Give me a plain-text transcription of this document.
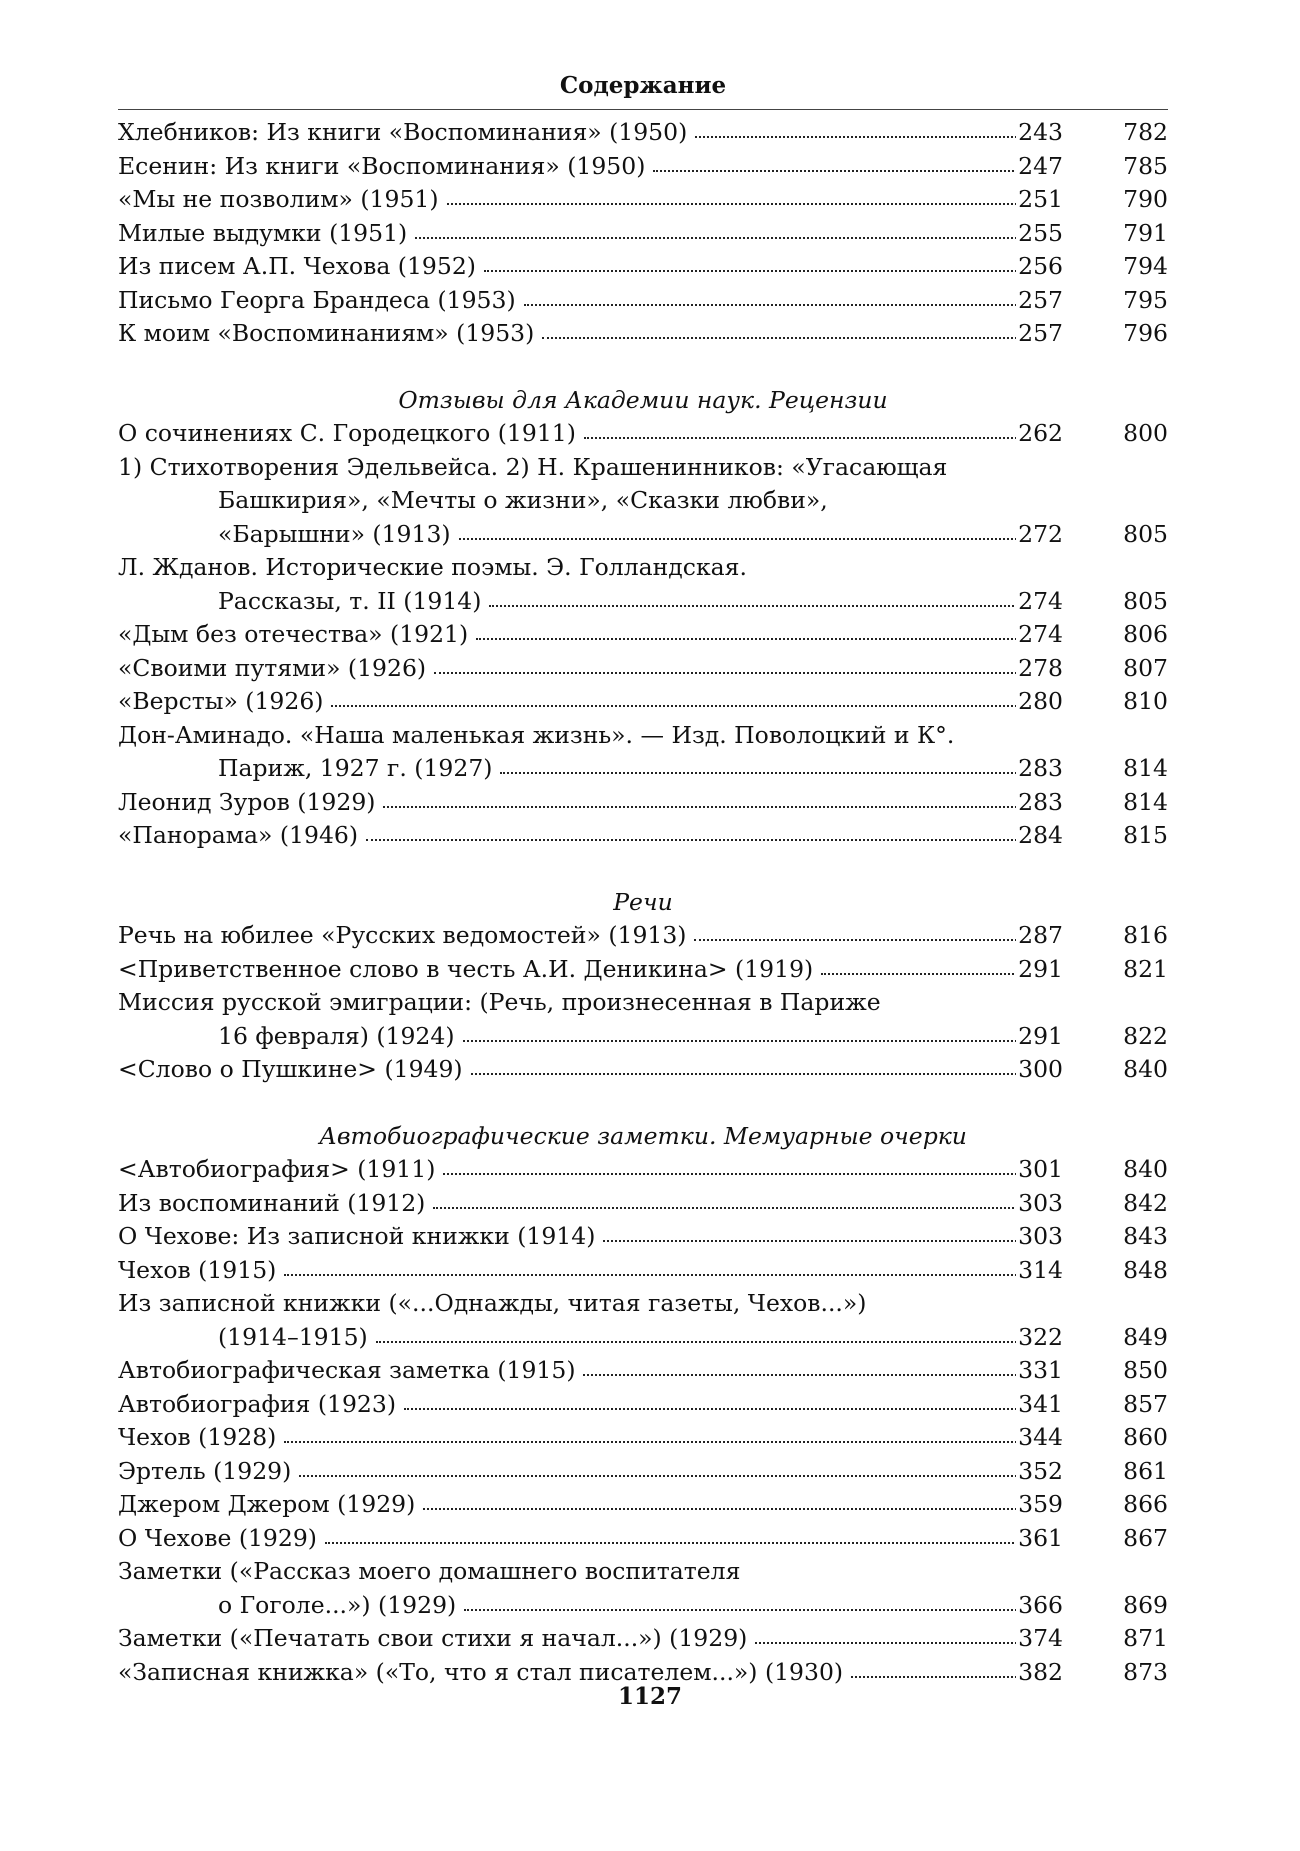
Содержание
Хлебников: Из книги «Воспоминания» (1950)	243	782
Есенин: Из книги «Воспоминания» (1950)	247	785
«Мы не позволим» (1951)	251	790
Милые выдумки (1951)	255	791
Из писем А.П. Чехова (1952)	256	794
Письмо Георга Брандеса (1953)	257	795
К моим «Воспоминаниям» (1953)	257	796
Отзывы для Академии наук. Рецензии
О сочинениях С. Городецкого (1911)	262	800
1) Стихотворения Эдельвейса. 2) Н. Крашенинников: «Угасающая
Башкирия», «Мечты о жизни», «Сказки любви»,
«Барышни» (1913)	272	805
Л. Жданов. Исторические поэмы. Э. Голландская.
Рассказы, т. II (1914)	274	805
«Дым без отечества» (1921)	274	806
«Своими путями» (1926)	278	807
«Версты» (1926)	280	810
Дон-Аминадо. «Наша маленькая жизнь». — Изд. Поволоцкий и К°.
Париж, 1927 г. (1927)	283	814
Леонид Зуров (1929)	283	814
«Панорама» (1946)	284	815
Речи
Речь на юбилее «Русских ведомостей» (1913)	287	816
<Приветственное слово в честь А.И. Деникина> (1919)	291	821
Миссия русской эмиграции: (Речь, произнесенная в Париже
16 февраля) (1924)	291	822
<Слово о Пушкине> (1949)	300	840
Автобиографические заметки. Мемуарные очерки
<Автобиография> (1911)	301	840
Из воспоминаний (1912)	303	842
О Чехове: Из записной книжки (1914)	303	843
Чехов (1915)	314	848
Из записной книжки («...Однажды, читая газеты, Чехов...»)
(1914–1915)	322	849
Автобиографическая заметка (1915)	331	850
Автобиография (1923)	341	857
Чехов (1928)	344	860
Эртель (1929)	352	861
Джером Джером (1929)	359	866
О Чехове (1929)	361	867
Заметки («Рассказ моего домашнего воспитателя
о Гоголе...») (1929)	366	869
Заметки («Печатать свои стихи я начал...») (1929)	374	871
«Записная книжка» («То, что я стал писателем...») (1930)	382	873
1127
